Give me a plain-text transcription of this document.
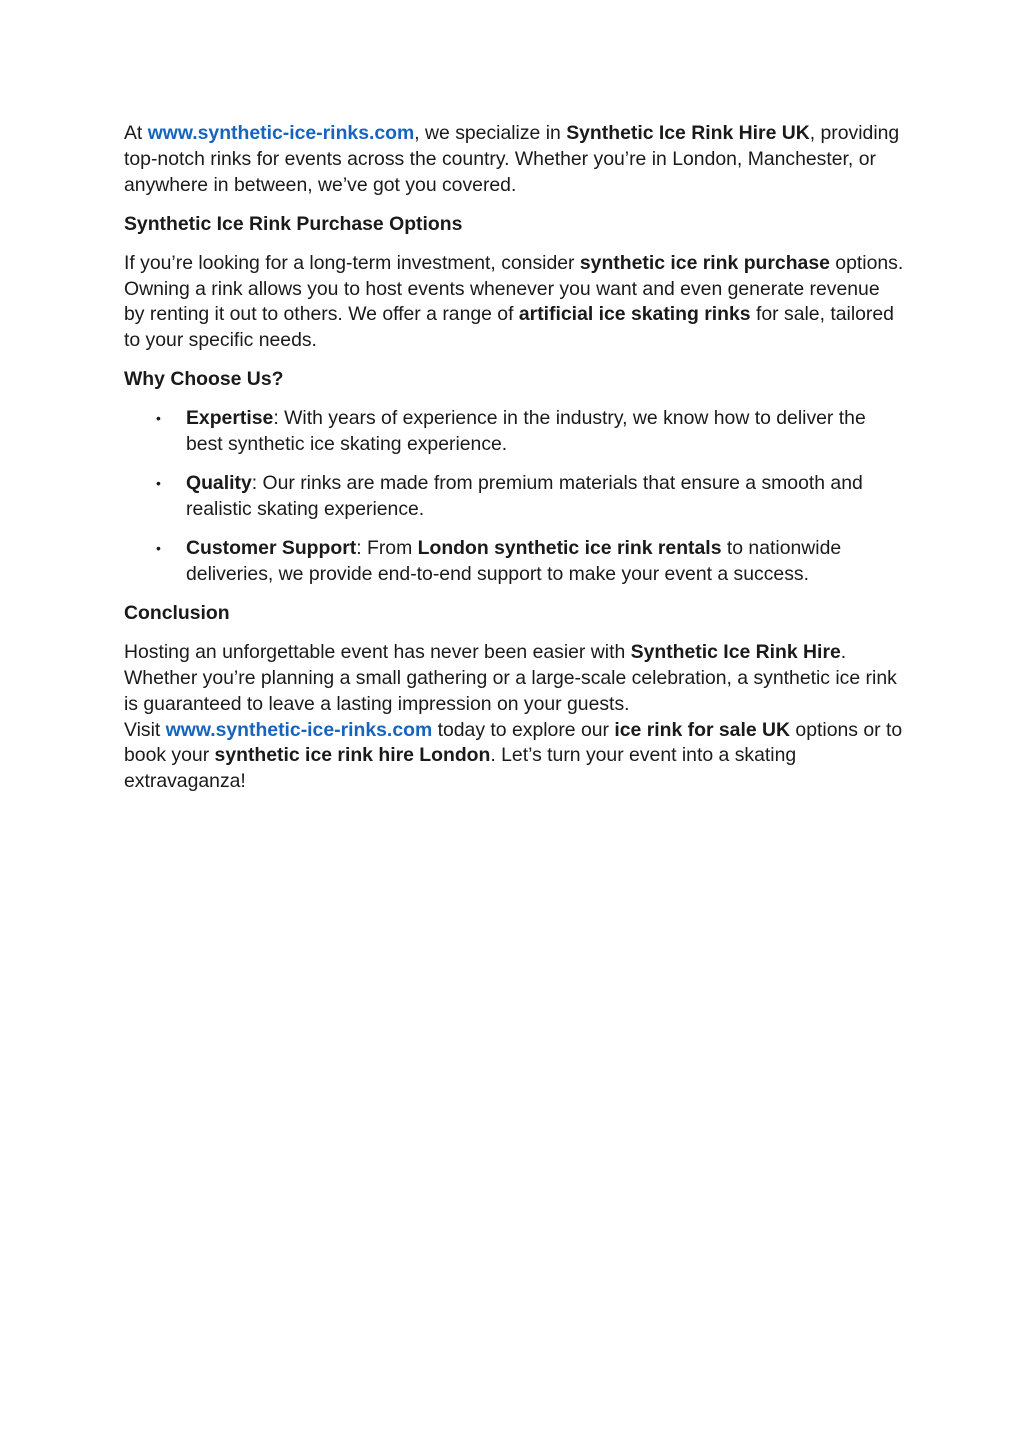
At www.synthetic-ice-rinks.com, we specialize in Synthetic Ice Rink Hire UK, providing top-notch rinks for events across the country. Whether you’re in London, Manchester, or anywhere in between, we’ve got you covered.

Synthetic Ice Rink Purchase Options

If you’re looking for a long-term investment, consider synthetic ice rink purchase options. Owning a rink allows you to host events whenever you want and even generate revenue by renting it out to others. We offer a range of artificial ice skating rinks for sale, tailored to your specific needs.

Why Choose Us?

• Expertise: With years of experience in the industry, we know how to deliver the best synthetic ice skating experience.
• Quality: Our rinks are made from premium materials that ensure a smooth and realistic skating experience.
• Customer Support: From London synthetic ice rink rentals to nationwide deliveries, we provide end-to-end support to make your event a success.

Conclusion

Hosting an unforgettable event has never been easier with Synthetic Ice Rink Hire. Whether you’re planning a small gathering or a large-scale celebration, a synthetic ice rink is guaranteed to leave a lasting impression on your guests.
Visit www.synthetic-ice-rinks.com today to explore our ice rink for sale UK options or to book your synthetic ice rink hire London. Let’s turn your event into a skating extravaganza!
